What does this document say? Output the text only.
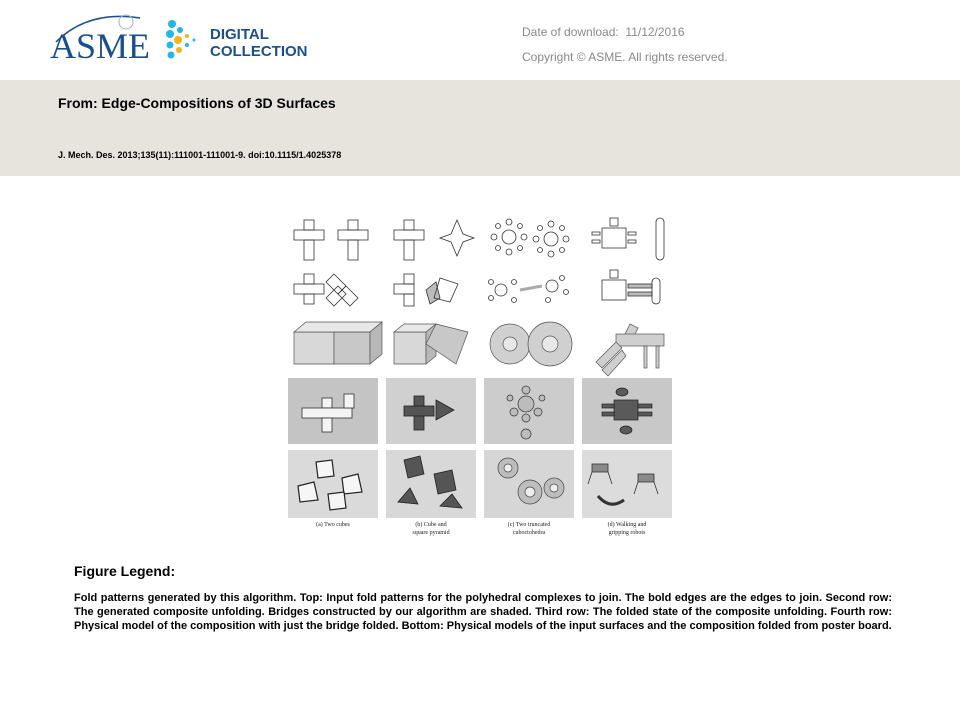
ASME	DIGITAL
COLLECTION
Date of download: 11/12/2016
Copyright © ASME. All rights reserved.
From: Edge-Compositions of 3D Surfaces
J. Mech. Des. 2013;135(11):111001-111001-9. doi:10.1115/1.4025378
(a) Two cubes	(b) Cube and
square pyramid
(c) Two truncated
cuboctohedra
(d) Walking and
gripping robots
Figure Legend:
Fold patterns generated by this algorithm. Top: Input fold patterns for the polyhedral complexes to join. The bold edges are the edges to join. Second row: The generated composite unfolding. Bridges constructed by our algorithm are shaded. Third row: The folded state of the composite unfolding. Fourth row: Physical model of the composition with just the bridge folded. Bottom: Physical models of the input surfaces and the composition folded from poster board.
